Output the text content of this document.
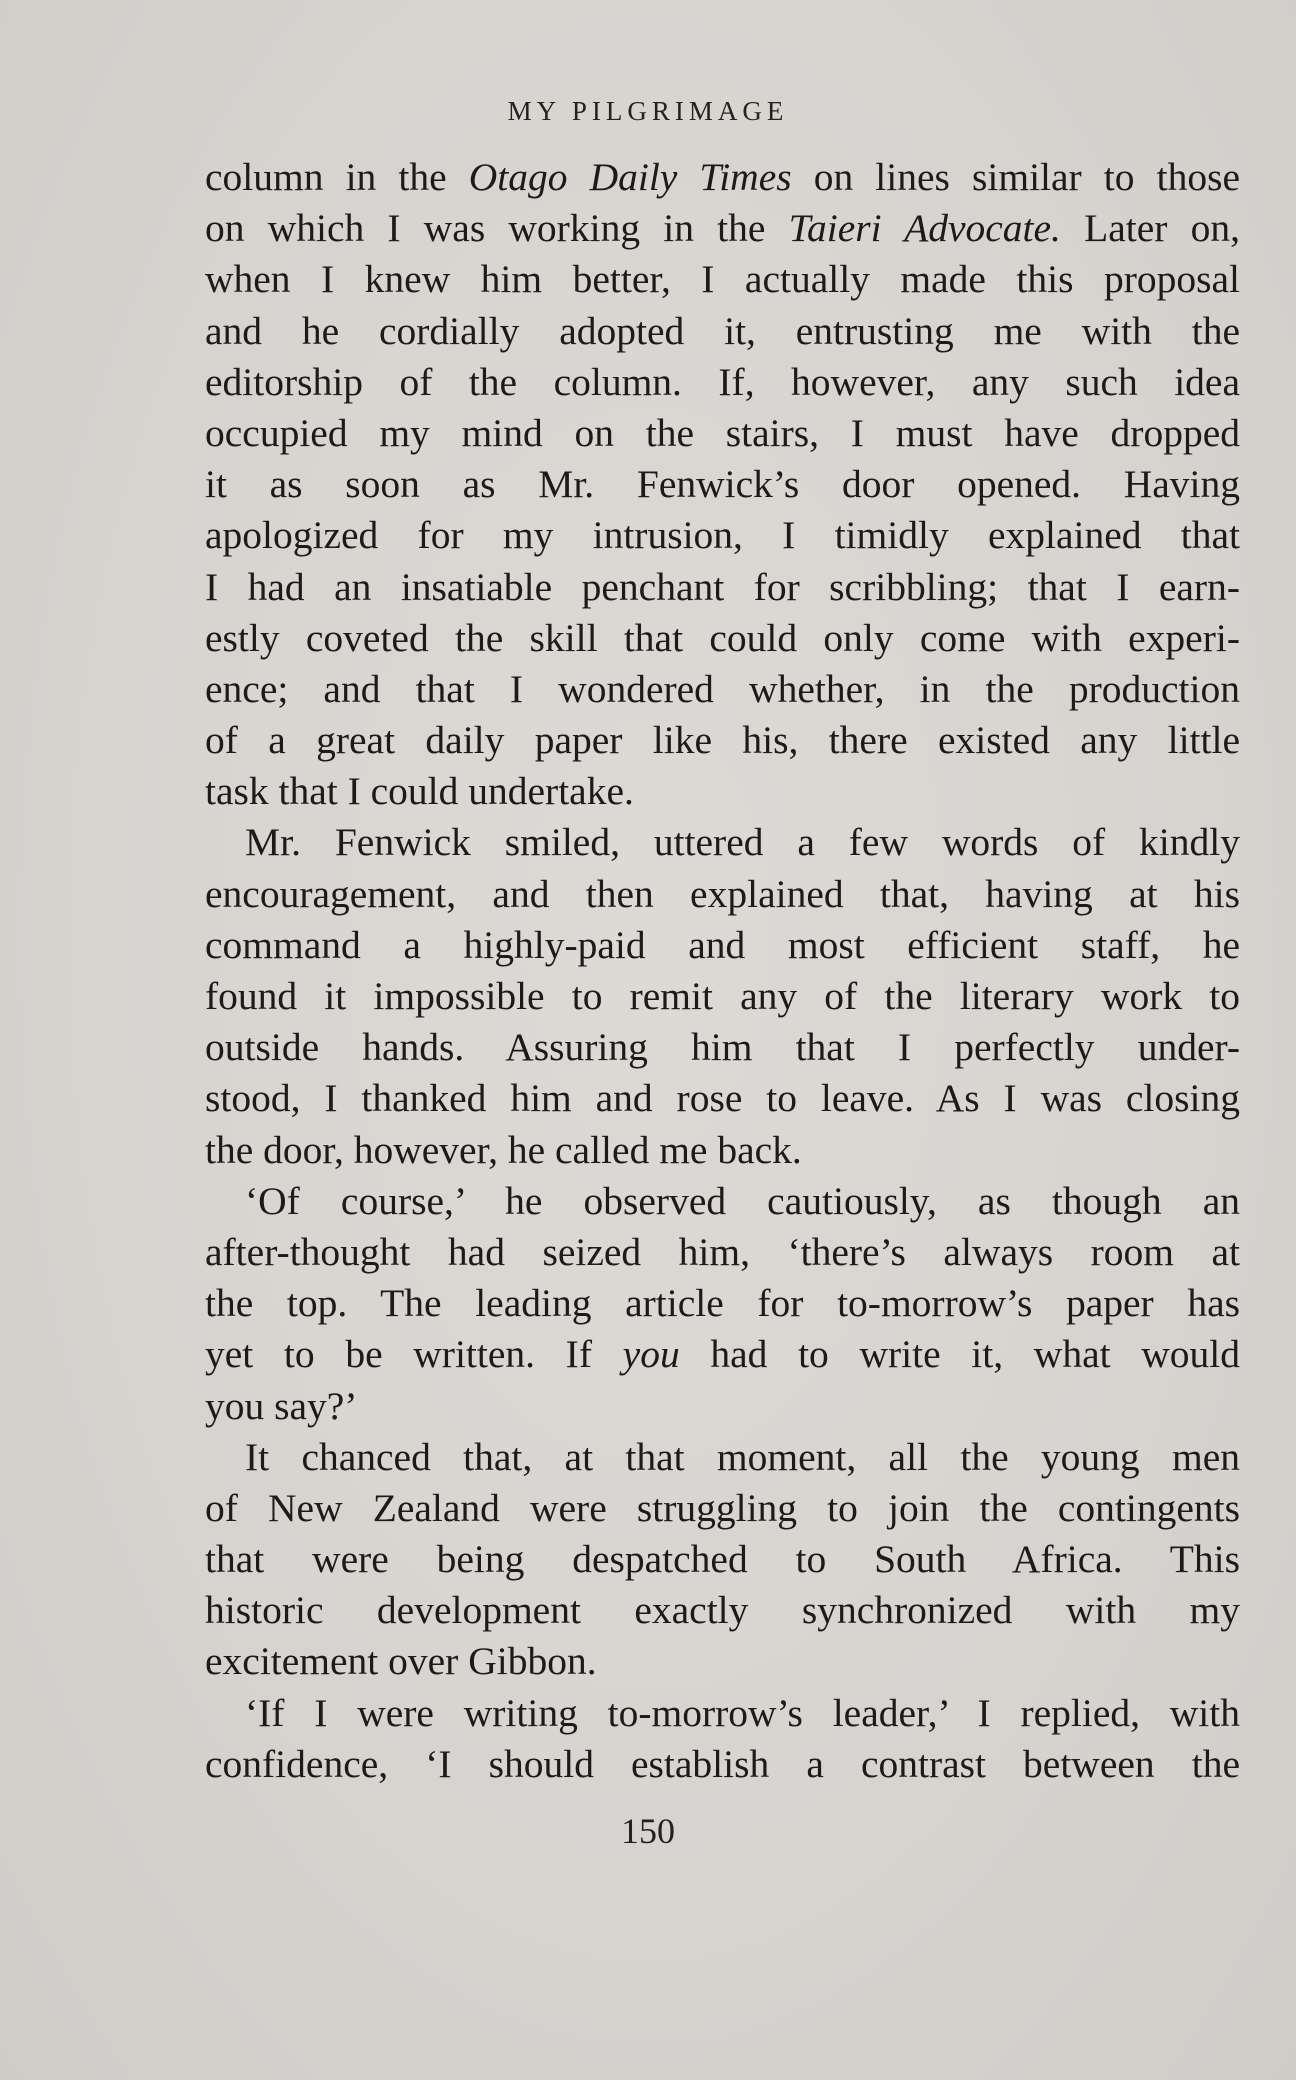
MY PILGRIMAGE
column in the Otago Daily Times on lines similar to those
on which I was working in the Taieri Advocate. Later on,
when I knew him better, I actually made this proposal
and he cordially adopted it, entrusting me with the
editorship of the column. If, however, any such idea
occupied my mind on the stairs, I must have dropped
it as soon as Mr. Fenwick’s door opened. Having
apologized for my intrusion, I timidly explained that
I had an insatiable penchant for scribbling; that I earn-
estly coveted the skill that could only come with experi-
ence; and that I wondered whether, in the production
of a great daily paper like his, there existed any little
task that I could undertake.
Mr. Fenwick smiled, uttered a few words of kindly
encouragement, and then explained that, having at his
command a highly-paid and most efficient staff, he
found it impossible to remit any of the literary work to
outside hands. Assuring him that I perfectly under-
stood, I thanked him and rose to leave. As I was closing
the door, however, he called me back.
‘Of course,’ he observed cautiously, as though an
after-thought had seized him, ‘there’s always room at
the top. The leading article for to-morrow’s paper has
yet to be written. If you had to write it, what would
you say?’
It chanced that, at that moment, all the young men
of New Zealand were struggling to join the contingents
that were being despatched to South Africa. This
historic development exactly synchronized with my
excitement over Gibbon.
‘If I were writing to-morrow’s leader,’ I replied, with
confidence, ‘I should establish a contrast between the
150
